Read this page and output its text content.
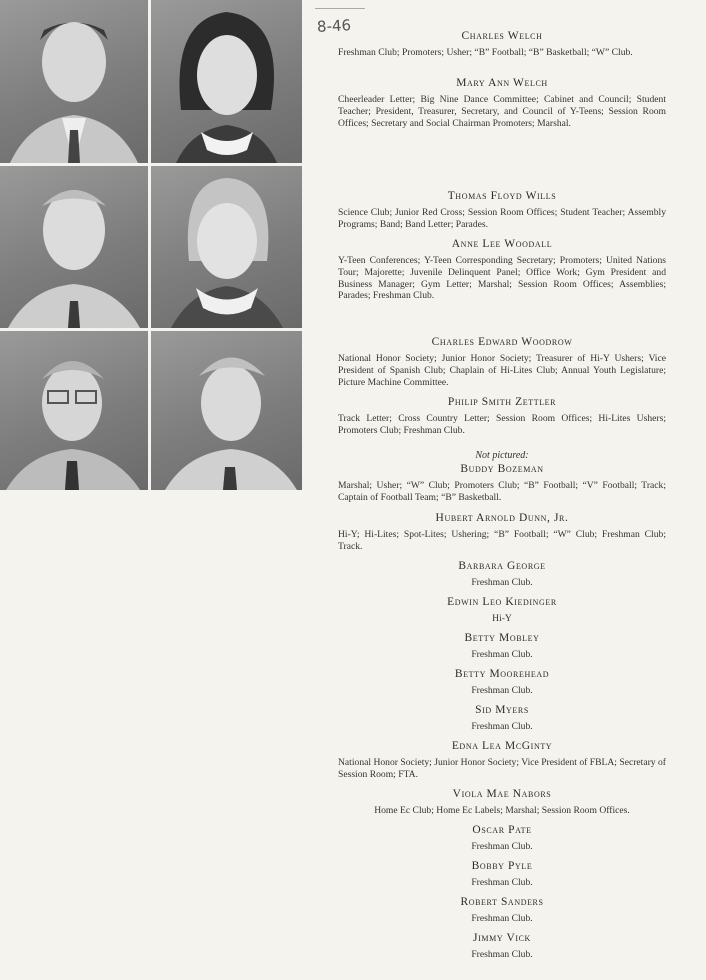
8-46

Charles Welch

Freshman Club; Promoters; Usher; “B” Football; “B” Basketball; “W” Club.

Mary Ann Welch

Cheerleader Letter; Big Nine Dance Committee; Cabinet and Council; Student Teacher; President, Treasurer, Secretary, and Council of Y-Teens; Session Room Offices; Secretary and Social Chairman Promoters; Marshal.

Thomas Floyd Wills

Science Club; Junior Red Cross; Session Room Offices; Student Teacher; Assembly Programs; Band; Band Letter; Parades.

Anne Lee Woodall

Y-Teen Conferences; Y-Teen Corresponding Secretary; Promoters; United Nations Tour; Majorette; Juvenile Delinquent Panel; Office Work; Gym President and Business Manager; Gym Letter; Marshal; Session Room Offices; Assemblies; Parades; Freshman Club.

Charles Edward Woodrow

National Honor Society; Junior Honor Society; Treasurer of Hi-Y Ushers; Vice President of Spanish Club; Chaplain of Hi-Lites Club; Annual Youth Legislature; Picture Machine Committee.

Philip Smith Zettler

Track Letter; Cross Country Letter; Session Room Offices; Hi-Lites Ushers; Promoters Club; Freshman Club.

Not pictured:

Buddy Bozeman

Marshal; Usher; “W” Club; Promoters Club; “B” Football; “V” Football; Track; Captain of Football Team; “B” Basketball.

Hubert Arnold Dunn, Jr.

Hi-Y; Hi-Lites; Spot-Lites; Ushering; “B” Football; “W” Club; Freshman Club; Track.

Barbara George

Freshman Club.

Edwin Leo Kiedinger

Hi-Y

Betty Mobley

Freshman Club.

Betty Moorehead

Freshman Club.

Sid Myers

Freshman Club.

Edna Lea McGinty

National Honor Society; Junior Honor Society; Vice President of FBLA; Secretary of Session Room; FTA.

Viola Mae Nabors

Home Ec Club; Home Ec Labels; Marshal; Session Room Offices.

Oscar Pate

Freshman Club.

Bobby Pyle

Freshman Club.

Robert Sanders

Freshman Club.

Jimmy Vick

Freshman Club.
